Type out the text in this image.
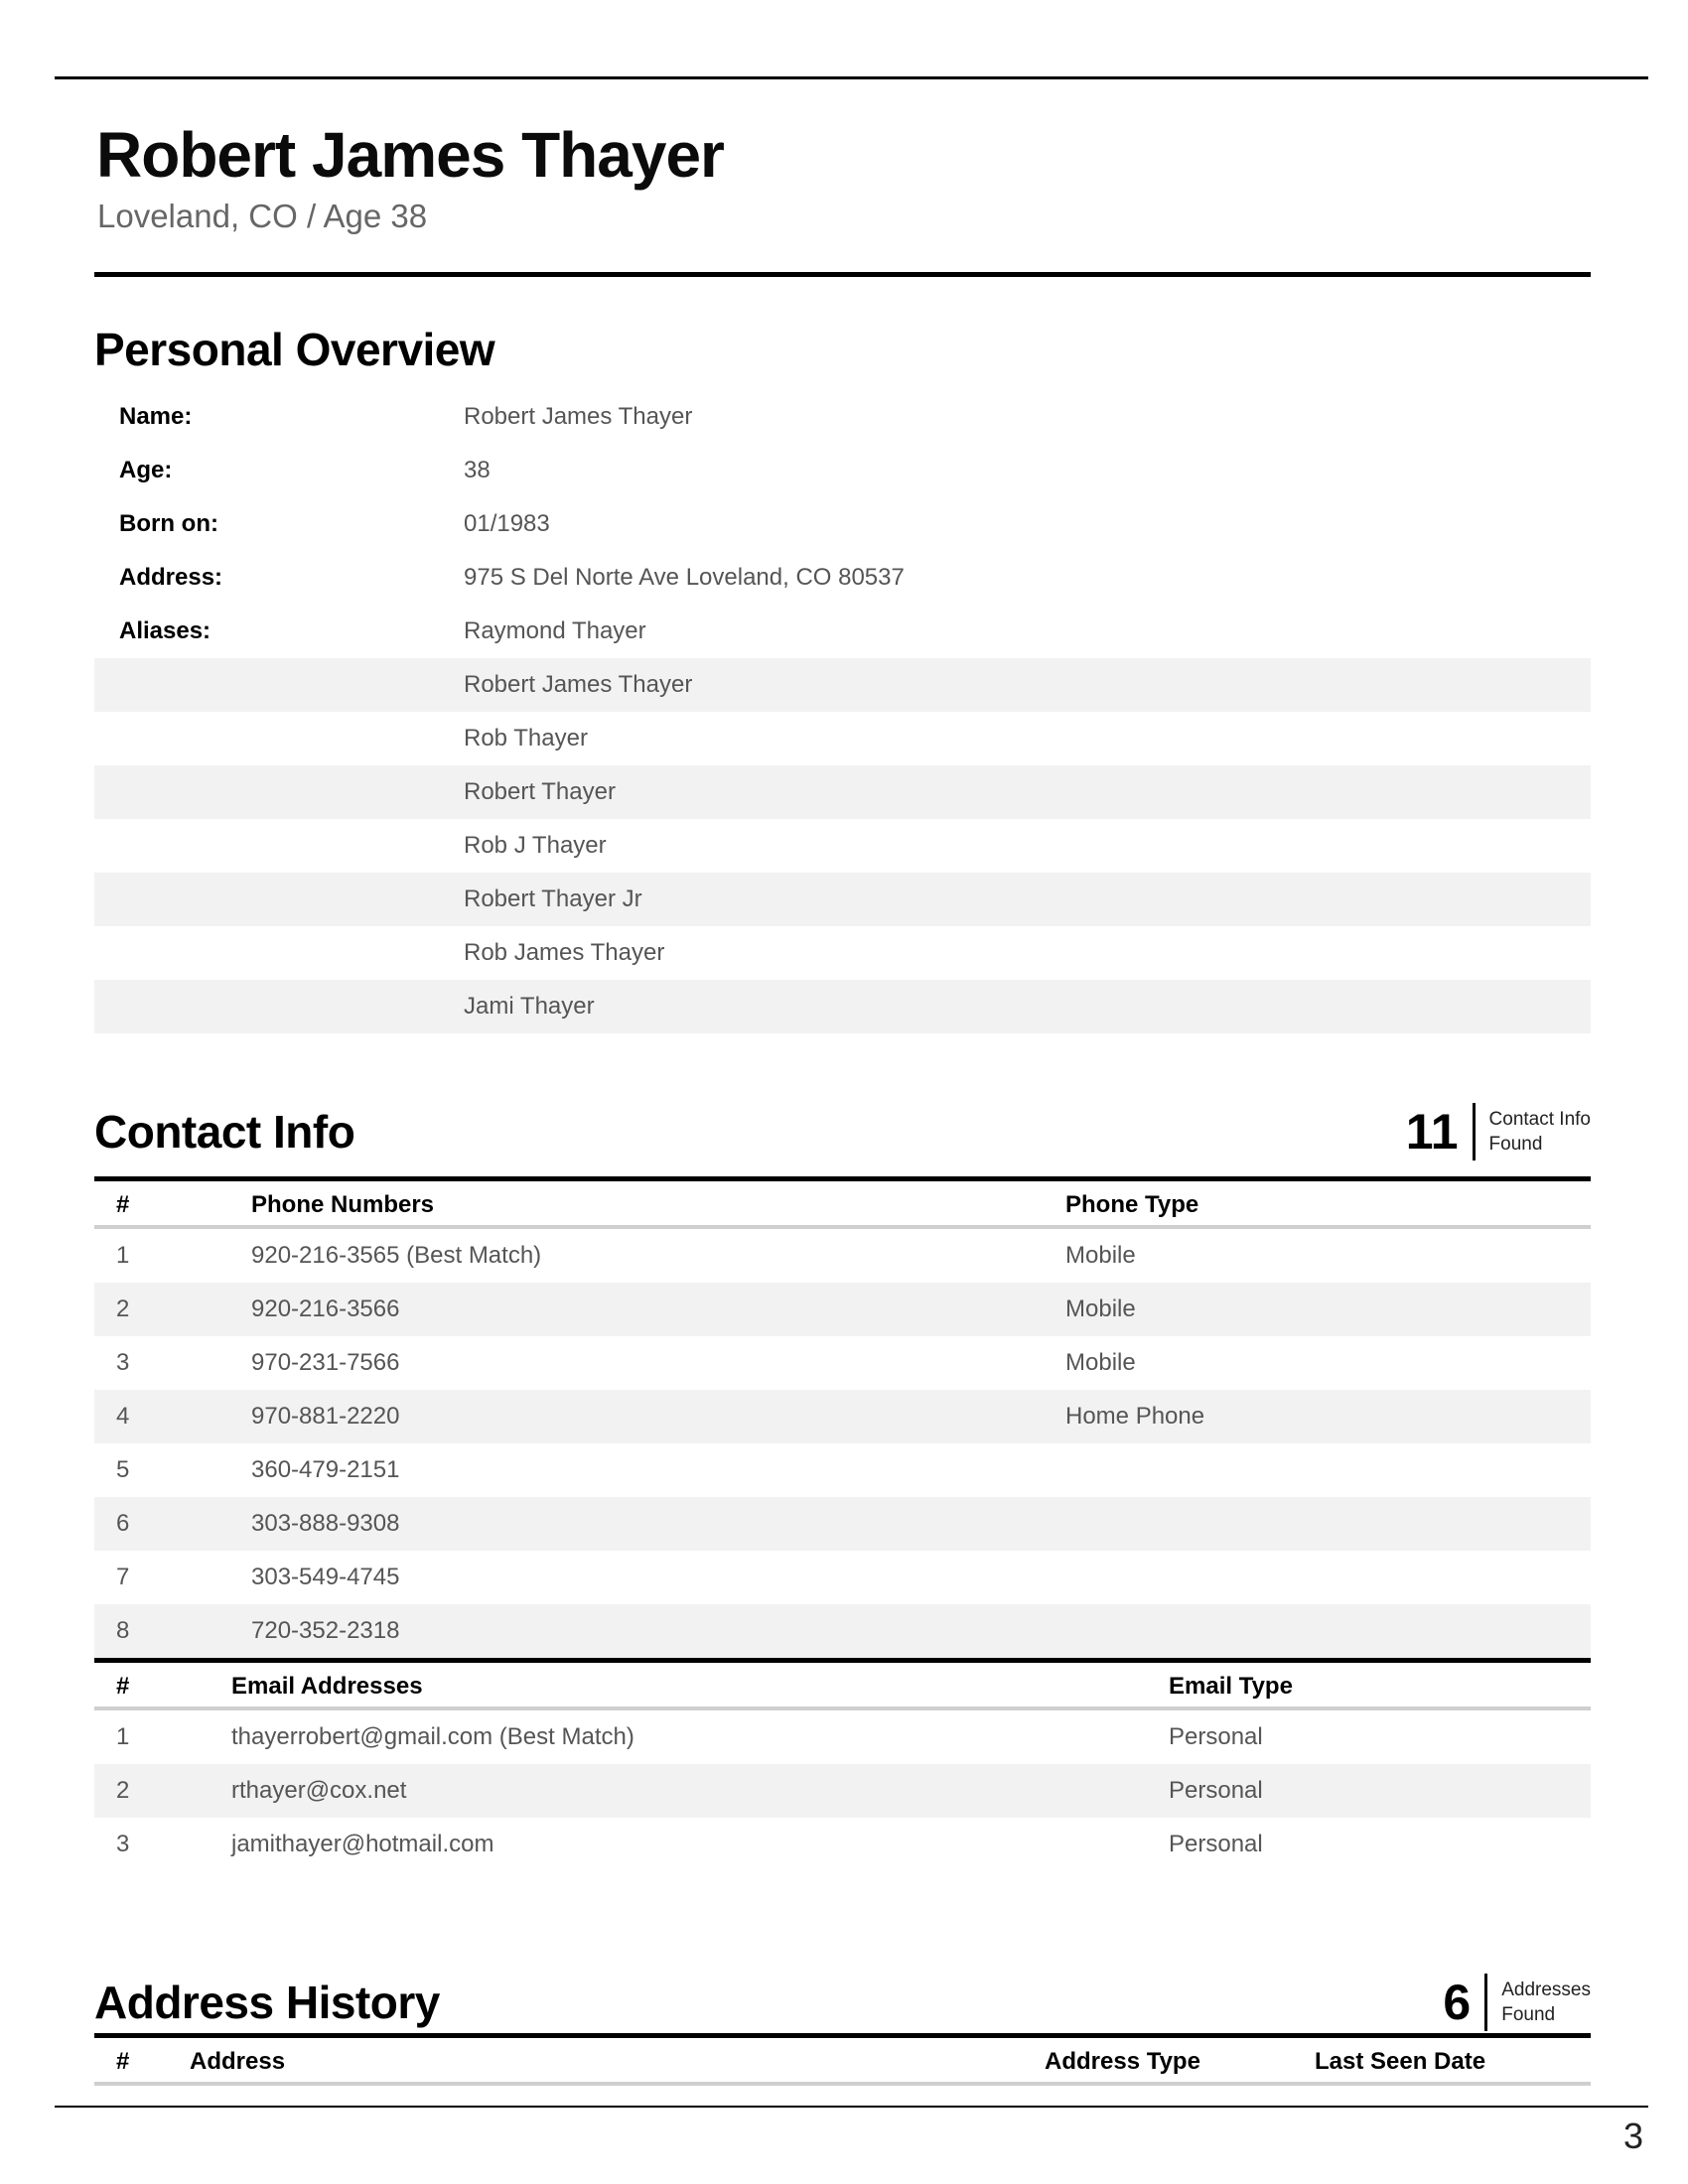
Robert James Thayer
Loveland, CO / Age 38
Personal Overview
Name:	Robert James Thayer
Age:	38
Born on:	01/1983
Address:	975 S Del Norte Ave Loveland, CO 80537
Aliases:	Raymond Thayer
Robert James Thayer
Rob Thayer
Robert Thayer
Rob J Thayer
Robert Thayer Jr
Rob James Thayer
Jami Thayer
Contact Info	11 Contact Info
Found
#	Phone Numbers	Phone Type
1	920-216-3565 (Best Match)	Mobile
2	920-216-3566	Mobile
3	970-231-7566	Mobile
4	970-881-2220	Home Phone
5	360-479-2151
6	303-888-9308
7	303-549-4745
8	720-352-2318
#	Email Addresses	Email Type
1	thayerrobert@gmail.com (Best Match)	Personal
2	rthayer@cox.net	Personal
3	jamithayer@hotmail.com	Personal
Address History	6 Addresses
Found
#	Address	Address Type	Last Seen Date
3
